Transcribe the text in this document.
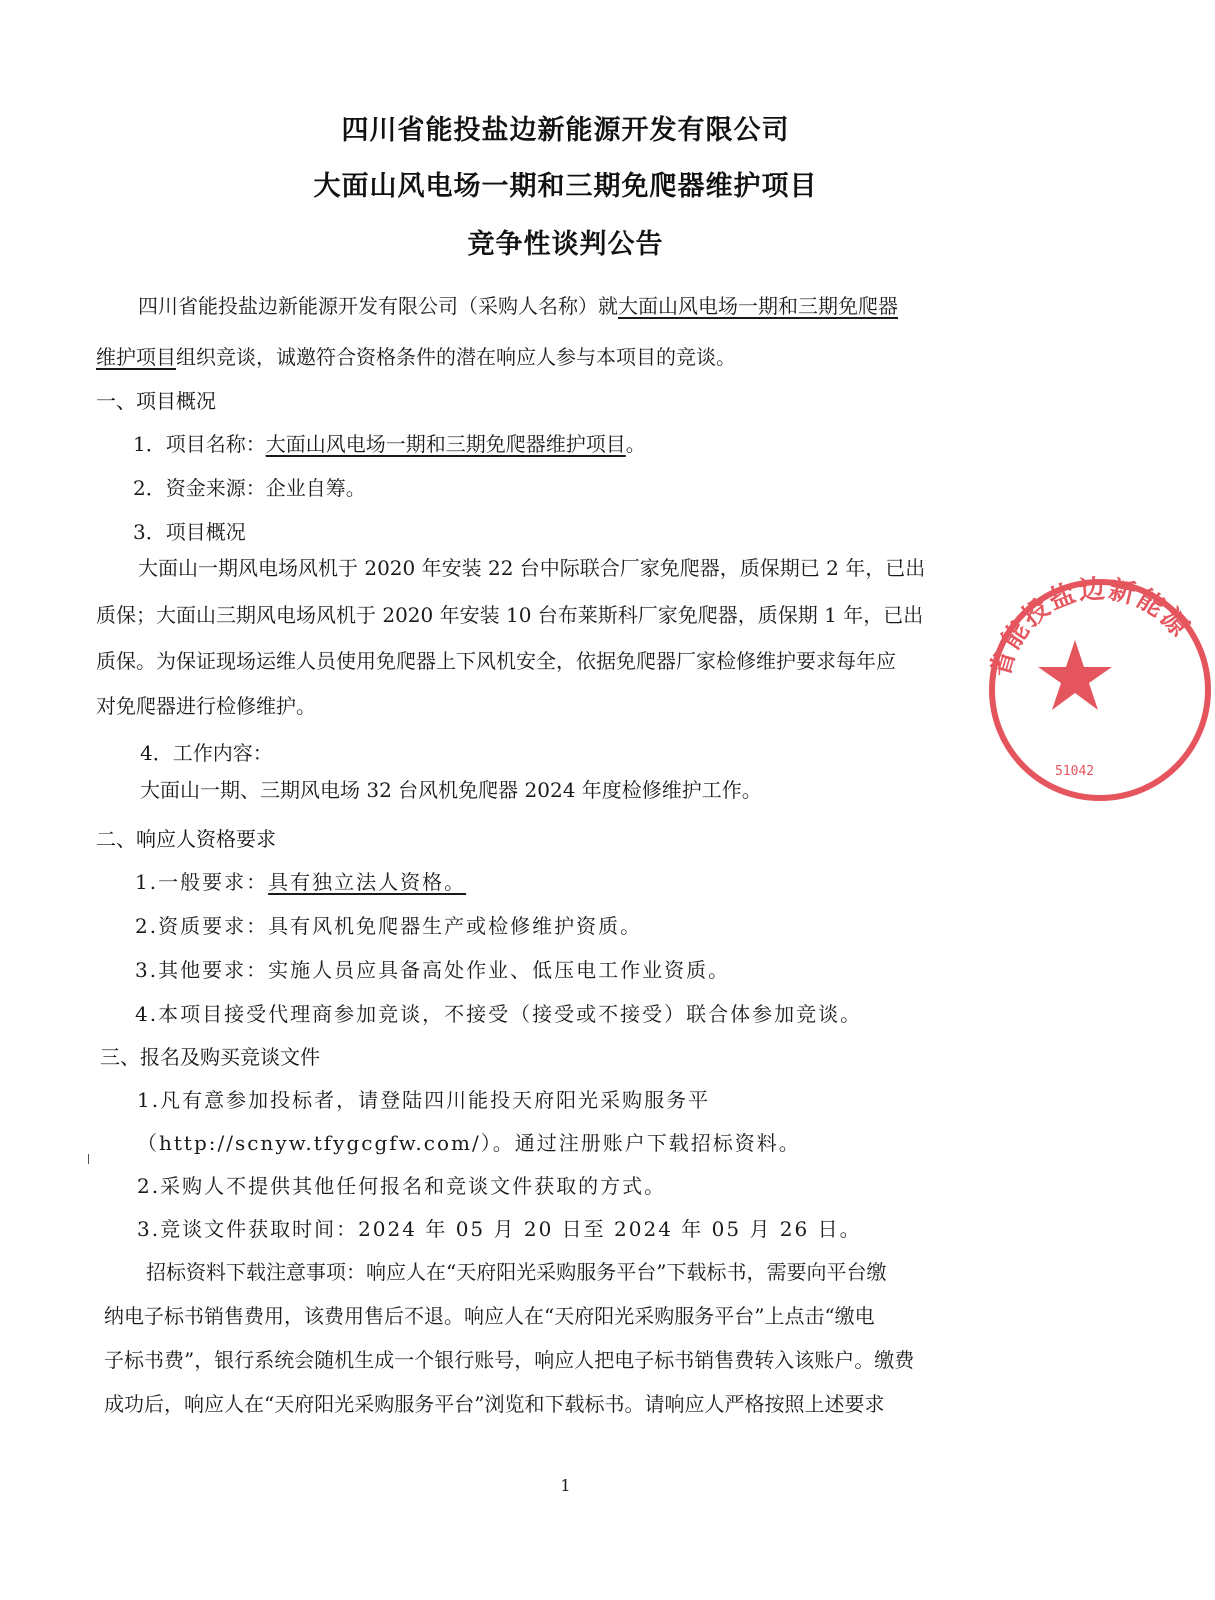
四川省能投盐边新能源开发有限公司
大面山风电场一期和三期免爬器维护项目
竞争性谈判公告
四川省能投盐边新能源开发有限公司（采购人名称）就大面山风电场一期和三期免爬器
维护项目组织竞谈，诚邀符合资格条件的潜在响应人参与本项目的竞谈。
一、项目概况
1．项目名称：大面山风电场一期和三期免爬器维护项目。
2．资金来源：企业自筹。
3．项目概况
大面山一期风电场风机于 2020 年安装 22 台中际联合厂家免爬器，质保期已 2 年，已出
质保；大面山三期风电场风机于 2020 年安装 10 台布莱斯科厂家免爬器，质保期 1 年，已出
质保。为保证现场运维人员使用免爬器上下风机安全，依据免爬器厂家检修维护要求每年应
对免爬器进行检修维护。
4．工作内容：
大面山一期、三期风电场 32 台风机免爬器 2024 年度检修维护工作。
二、响应人资格要求
1.一般要求：具有独立法人资格。
2.资质要求：具有风机免爬器生产或检修维护资质。
3.其他要求：实施人员应具备高处作业、低压电工作业资质。
4.本项目接受代理商参加竞谈，不接受（接受或不接受）联合体参加竞谈。
三、报名及购买竞谈文件
1.凡有意参加投标者，请登陆四川能投天府阳光采购服务平
（http://scnyw.tfygcgfw.com/）。通过注册账户下载招标资料。
2.采购人不提供其他任何报名和竞谈文件获取的方式。
3.竞谈文件获取时间：2024 年 05 月 20 日至 2024 年 05 月 26 日。
招标资料下载注意事项：响应人在“天府阳光采购服务平台”下载标书，需要向平台缴
纳电子标书销售费用，该费用售后不退。响应人在“天府阳光采购服务平台”上点击“缴电
子标书费”，银行系统会随机生成一个银行账号，响应人把电子标书销售费转入该账户。缴费
成功后，响应人在“天府阳光采购服务平台”浏览和下载标书。请响应人严格按照上述要求
省能投盐边新能源
51042
1
